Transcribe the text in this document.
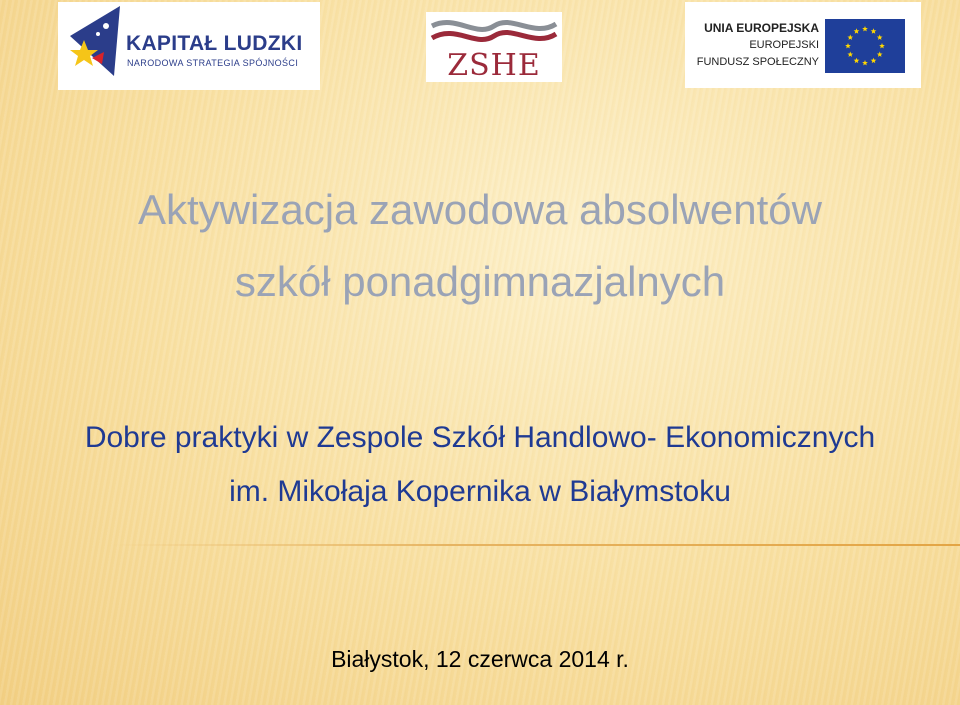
KAPITAŁ LUDZKI
NARODOWA STRATEGIA SPÓJNOŚCI	ZSHE
UNIA EUROPEJSKA
EUROPEJSKI
FUNDUSZ SPOŁECZNY
Aktywizacja zawodowa absolwentów
szkół ponadgimnazjalnych
Dobre praktyki w Zespole Szkół Handlowo- Ekonomicznych
im. Mikołaja Kopernika w Białymstoku
Białystok, 12 czerwca 2014 r.
